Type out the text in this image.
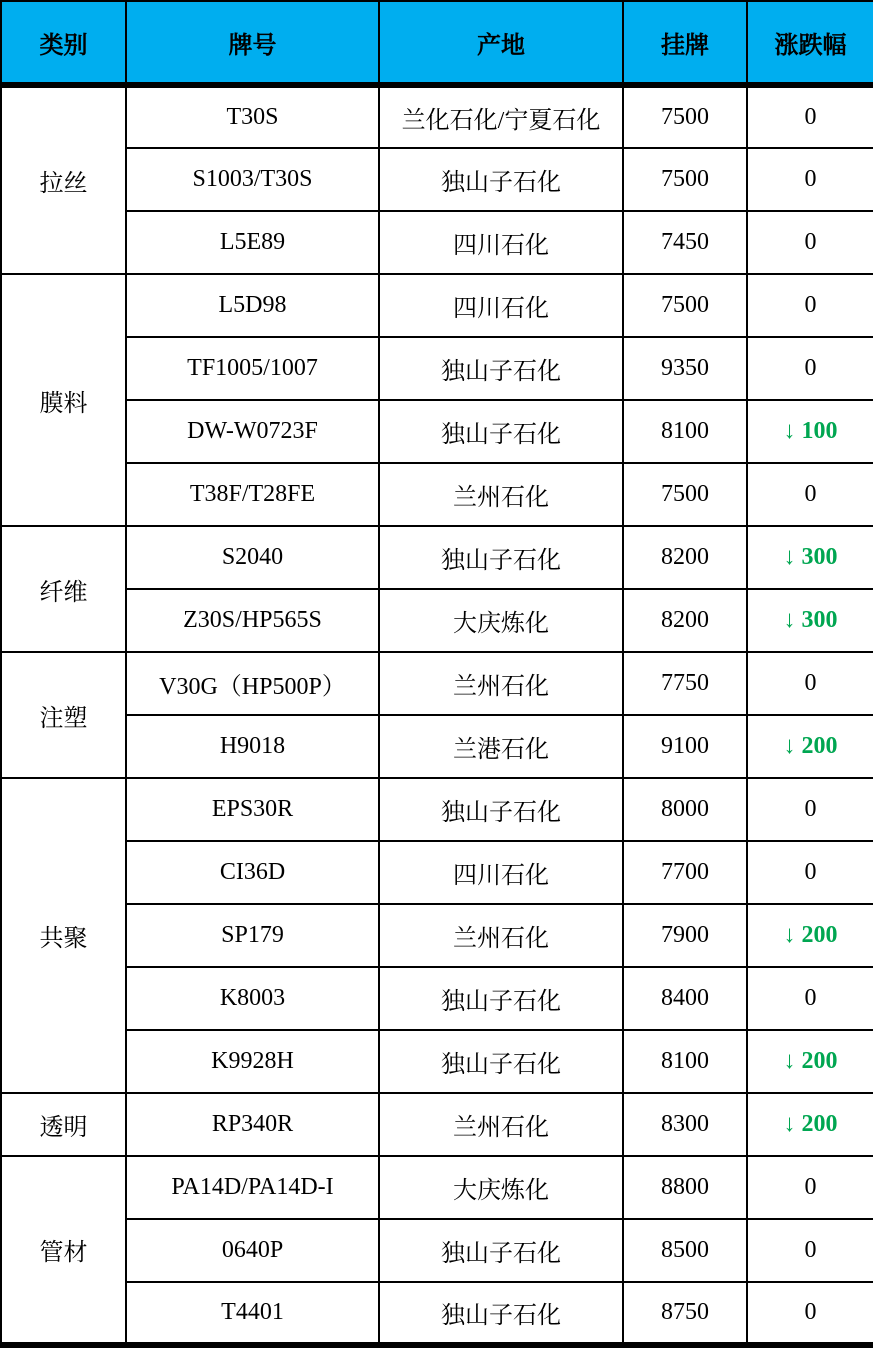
类别	牌号	产地	挂牌	涨跌幅
拉丝	T30S	兰化石化/宁夏石化	7500	0
	S1003/T30S	独山子石化	7500	0
	L5E89	四川石化	7450	0
膜料	L5D98	四川石化	7500	0
	TF1005/1007	独山子石化	9350	0
	DW-W0723F	独山子石化	8100	↓ 100
	T38F/T28FE	兰州石化	7500	0
纤维	S2040	独山子石化	8200	↓ 300
	Z30S/HP565S	大庆炼化	8200	↓ 300
注塑	V30G（HP500P）	兰州石化	7750	0
	H9018	兰港石化	9100	↓ 200
共聚	EPS30R	独山子石化	8000	0
	CI36D	四川石化	7700	0
	SP179	兰州石化	7900	↓ 200
	K8003	独山子石化	8400	0
	K9928H	独山子石化	8100	↓ 200
透明	RP340R	兰州石化	8300	↓ 200
管材	PA14D/PA14D-I	大庆炼化	8800	0
	0640P	独山子石化	8500	0
	T4401	独山子石化	8750	0
